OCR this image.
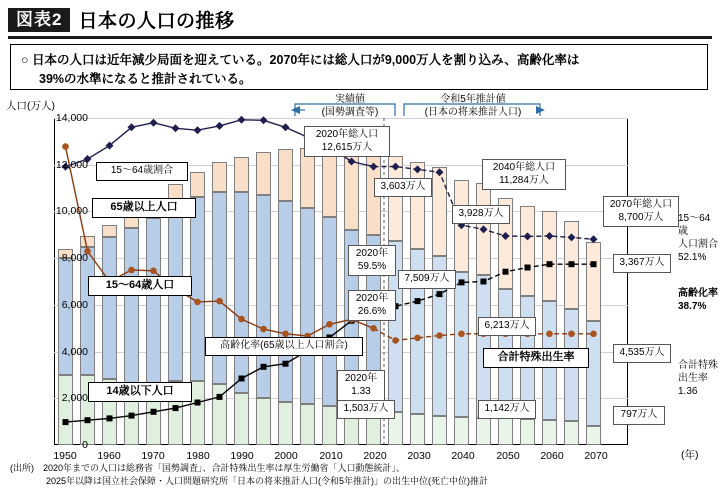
図表2 日本の人口の推移
○ 日本の人口は近年減少局面を迎えている。2070年には総人口が9,000万人を割り込み、高齢化率は
39%の水準になると推計されている。
人口(万人)
(年)
実績値
(国勢調査等)
令和5年推計値
(日本の将来推計人口)
14,000
12,000
10,000
8,000
6,000
4,000
2,000
0
1950	1960	1970	1980	1990	2000	2010	2020	2030	2040	2050	2060	2070
15〜64歳割合
65歳以上人口
15〜64歳人口
14歳以下人口
高齢化率(65歳以上人口割合)
合計特殊出生率
2020年総人口
12,615万人
2040年総人口
11,284万人
2070年総人口
8,700万人
3,603万人
3,928万人
3,367万人
7,509万人
6,213万人
4,535万人
1,503万人	1,142万人
797万人
2020年
59.5%
2020年
26.6%
2020年
1.33
15〜64歳
人口割合
52.1%
高齢化率
38.7%
合計特殊
出生率
1.36
(出所)　2020年までの人口は総務省「国勢調査」、合計特殊出生率は厚生労働省「人口動態統計」、
　　　　2025年以降は国立社会保障・人口問題研究所「日本の将来推計人口(令和5年推計)」の出生中位(死亡中位)推計
